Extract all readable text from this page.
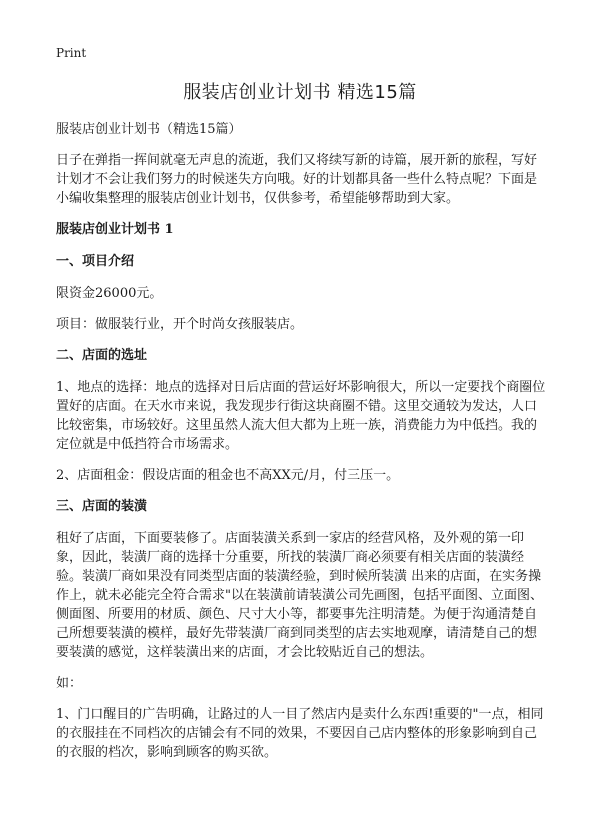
Print
服装店创业计划书 精选15篇

服装店创业计划书（精选15篇）

日子在弹指一挥间就毫无声息的流逝，我们又将续写新的诗篇，展开新的旅程，写好计划才不会让我们努力的时候迷失方向哦。好的计划都具备一些什么特点呢？下面是小编收集整理的服装店创业计划书，仅供参考，希望能够帮助到大家。

服装店创业计划书 1
一、项目介绍

限资金26000元。

项目：做服装行业，开个时尚女孩服装店。

二、店面的选址

1、地点的选择：地点的选择对日后店面的营运好坏影响很大，所以一定要找个商圈位置好的店面。在天水市来说，我发现步行街这块商圈不错。这里交通较为发达，人口比较密集，市场较好。这里虽然人流大但大都为上班一族，消费能力为中低挡。我的定位就是中低挡符合市场需求。

2、店面租金：假设店面的租金也不高XX元/月，付三压一。

三、店面的装潢

租好了店面，下面要装修了。店面装潢关系到一家店的经营风格，及外观的第一印象，因此，装潢厂商的选择十分重要，所找的装潢厂商必须要有相关店面的装潢经验。装潢厂商如果没有同类型店面的装潢经验，到时候所装潢 出来的店面，在实务操作上，就未必能完全符合需求"以在装潢前请装潢公司先画图，包括平面图、立面图、侧面图、所要用的材质、颜色、尺寸大小等，都要事先注明清楚。为便于沟通清楚自己所想要装潢的模样，最好先带装潢厂商到同类型的店去实地观摩，请清楚自己的想要装潢的感觉，这样装潢出来的店面，才会比较贴近自己的想法。

如：

1、门口醒目的广告明确，让路过的人一目了然店内是卖什么东西!重要的"一点，相同的衣服挂在不同档次的店铺会有不同的效果，不要因自己店内整体的形象影响到自己的衣服的档次，影响到顾客的购买欲。
